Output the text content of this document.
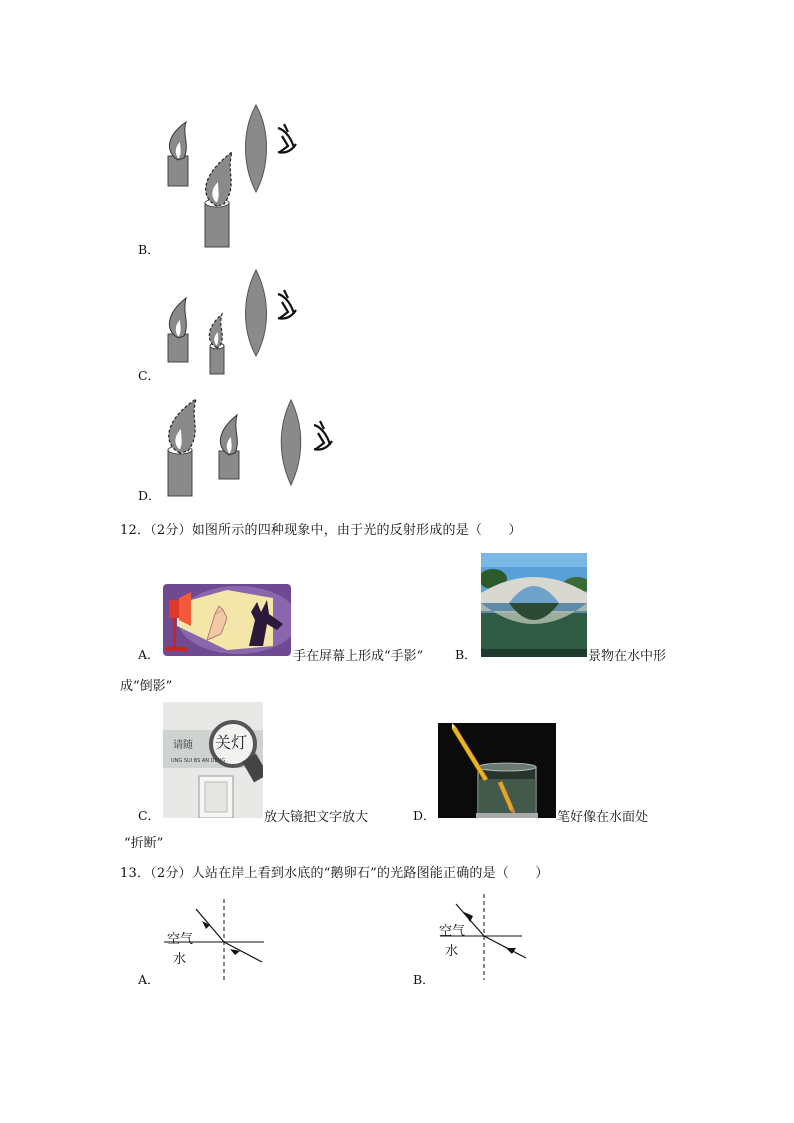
B．
C．
D．
12．（2分）如图所示的四种现象中，由于光的反射形成的是（　　）
A．	手在屏幕上形成“手影”	B．	景物在水中形
成“倒影”
请随 关灯
UNG SUI BS AN DENG
C．	放大镜把文字放大	D．	笔好像在水面处
“折断”
13．（2分）人站在岸上看到水底的“鹅卵石”的光路图能正确的是（　　）
空气
水
A．
空气
水
B．
